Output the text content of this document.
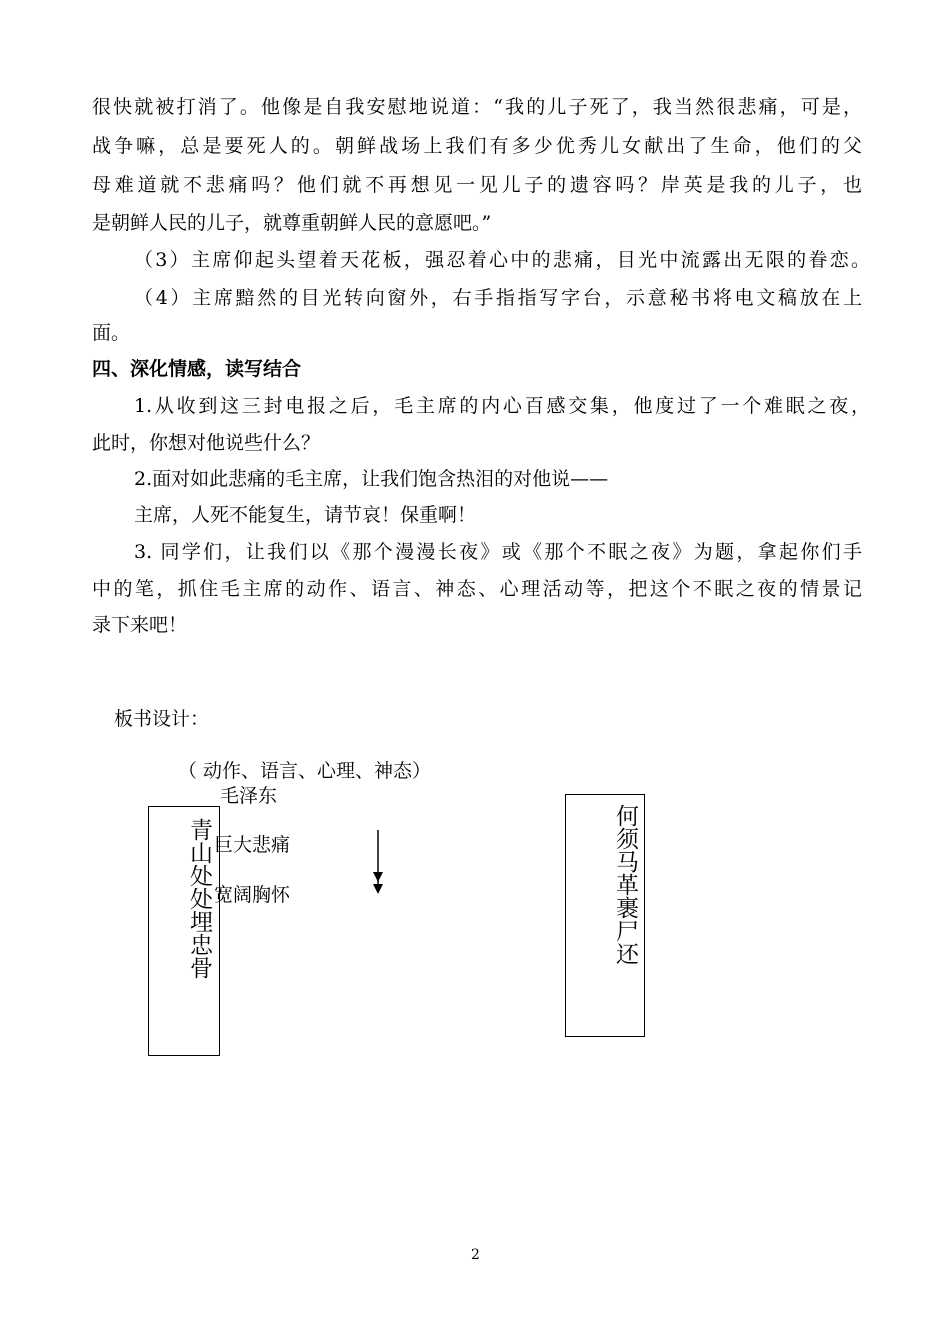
很快就被打消了。他像是自我安慰地说道：“我的儿子死了，我当然很悲痛，可是，
战争嘛，总是要死人的。朝鲜战场上我们有多少优秀儿女献出了生命，他们的父
母难道就不悲痛吗？他们就不再想见一见儿子的遗容吗？岸英是我的儿子，也
是朝鲜人民的儿子，就尊重朝鲜人民的意愿吧。”
（3）主席仰起头望着天花板，强忍着心中的悲痛，目光中流露出无限的眷恋。
（4）主席黯然的目光转向窗外，右手指指写字台，示意秘书将电文稿放在上
面。
四、深化情感，读写结合
1.从收到这三封电报之后，毛主席的内心百感交集，他度过了一个难眠之夜，
此时，你想对他说些什么？
2.面对如此悲痛的毛主席，让我们饱含热泪的对他说——
主席，人死不能复生，请节哀！保重啊！
3. 同学们，让我们以《那个漫漫长夜》或《那个不眠之夜》为题，拿起你们手
中的笔，抓住毛主席的动作、语言、神态、心理活动等，把这个不眠之夜的情景记
录下来吧！
板书设计：
（ 动作、语言、心理、神态）
毛泽东
巨大悲痛
宽阔胸怀
青山处处埋忠骨	何须马革裹尸还
2
